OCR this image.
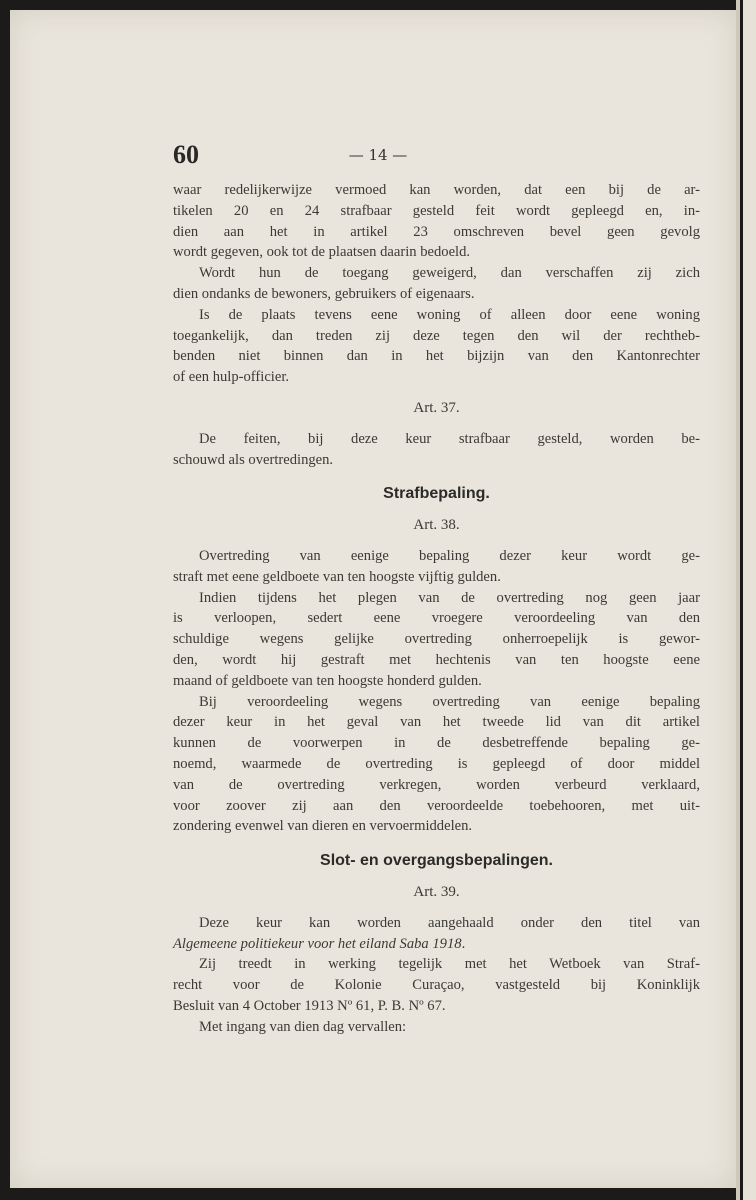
60	— 14 —
waar redelijkerwijze vermoed kan worden, dat een bij de ar-
tikelen 20 en 24 strafbaar gesteld feit wordt gepleegd en, in-
dien aan het in artikel 23 omschreven bevel geen gevolg
wordt gegeven, ook tot de plaatsen daarin bedoeld.
Wordt hun de toegang geweigerd, dan verschaffen zij zich
dien ondanks de bewoners, gebruikers of eigenaars.
Is de plaats tevens eene woning of alleen door eene woning
toegankelijk, dan treden zij deze tegen den wil der rechtheb-
benden niet binnen dan in het bijzijn van den Kantonrechter
of een hulp-officier.
Art. 37.
De feiten, bij deze keur strafbaar gesteld, worden be-
schouwd als overtredingen.
Strafbepaling.
Art. 38.
Overtreding van eenige bepaling dezer keur wordt ge-
straft met eene geldboete van ten hoogste vijftig gulden.
Indien tijdens het plegen van de overtreding nog geen jaar
is verloopen, sedert eene vroegere veroordeeling van den
schuldige wegens gelijke overtreding onherroepelijk is gewor-
den, wordt hij gestraft met hechtenis van ten hoogste eene
maand of geldboete van ten hoogste honderd gulden.
Bij veroordeeling wegens overtreding van eenige bepaling
dezer keur in het geval van het tweede lid van dit artikel
kunnen de voorwerpen in de desbetreffende bepaling ge-
noemd, waarmede de overtreding is gepleegd of door middel
van de overtreding verkregen, worden verbeurd verklaard,
voor zoover zij aan den veroordeelde toebehooren, met uit-
zondering evenwel van dieren en vervoermiddelen.
Slot- en overgangsbepalingen.
Art. 39.
Deze keur kan worden aangehaald onder den titel van
Algemeene politiekeur voor het eiland Saba 1918.
Zij treedt in werking tegelijk met het Wetboek van Straf-
recht voor de Kolonie Curaçao, vastgesteld bij Koninklijk
Besluit van 4 October 1913 Nº 61, P. B. Nº 67.
Met ingang van dien dag vervallen:
